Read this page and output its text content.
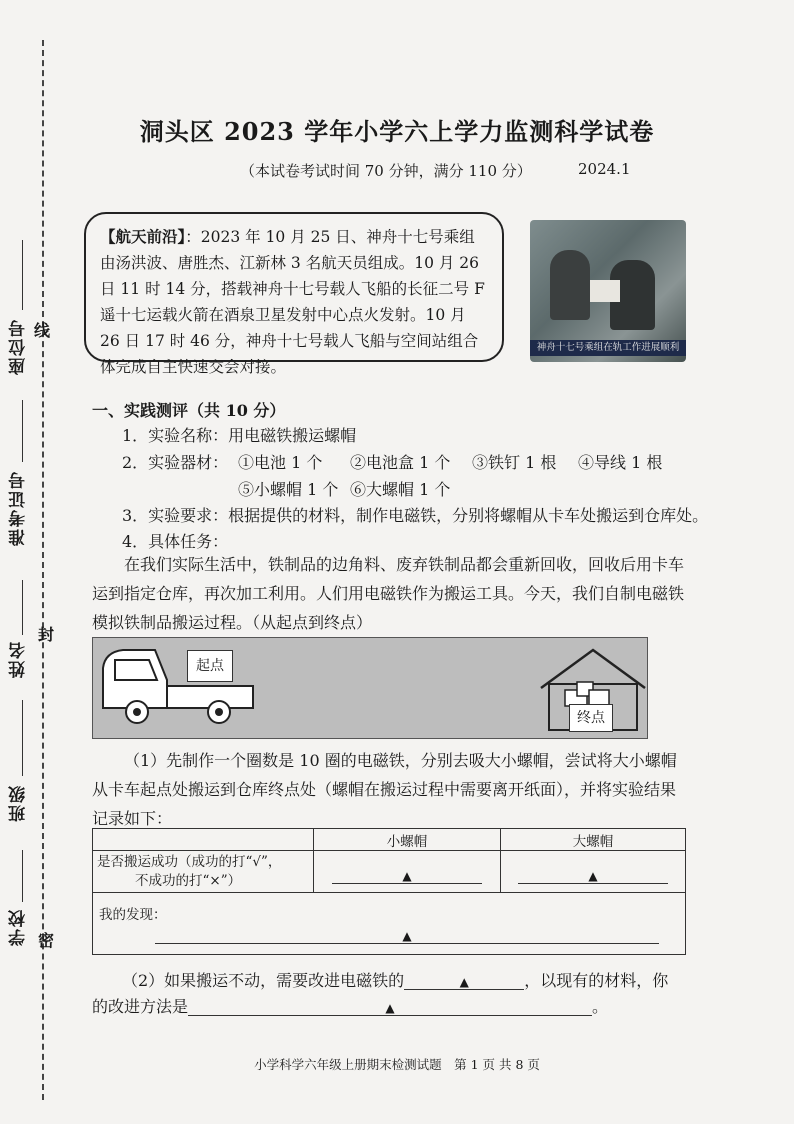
线
座位号
准考证号
封
姓名
班级
学校 密
洞头区 2023 学年小学六上学力监测科学试卷
（本试卷考试时间 70 分钟，满分 110 分）	2024.1
【航天前沿】：2023 年 10 月 25 日、神舟十七号乘组由汤洪波、唐胜杰、江新林 3 名航天员组成。10 月 26 日 11 时 14 分，搭载神舟十七号载人飞船的长征二号 F 遥十七运载火箭在酒泉卫星发射中心点火发射。10 月 26 日 17 时 46 分，神舟十七号载人飞船与空间站组合体完成自主快速交会对接。
神舟十七号乘组在轨工作进展顺利
一、实践测评（共 10 分）
1．实验名称：用电磁铁搬运螺帽
2．实验器材： ①电池 1 个 ②电池盒 1 个 ③铁钉 1 根 ④导线 1 根
⑤小螺帽 1 个 ⑥大螺帽 1 个
3．实验要求：根据提供的材料，制作电磁铁，分别将螺帽从卡车处搬运到仓库处。
4．具体任务：
在我们实际生活中，铁制品的边角料、废弃铁制品都会重新回收，回收后用卡车运到指定仓库，再次加工利用。人们用电磁铁作为搬运工具。今天，我们自制电磁铁模拟铁制品搬运过程。（从起点到终点）
起点
终点
（1）先制作一个圈数是 10 圈的电磁铁，分别去吸大小螺帽，尝试将大小螺帽从卡车起点处搬运到仓库终点处（螺帽在搬运过程中需要离开纸面），并将实验结果记录如下：
	小螺帽	大螺帽

是否搬运成功（成功的打“√”，
不成功的打“×”）	▲	▲

我的发现：
▲		
（2）如果搬运不动，需要改进电磁铁的	▲	，以现有的材料，你
的改进方法是	▲	。
小学科学六年级上册期末检测试题　第 1 页 共 8 页
